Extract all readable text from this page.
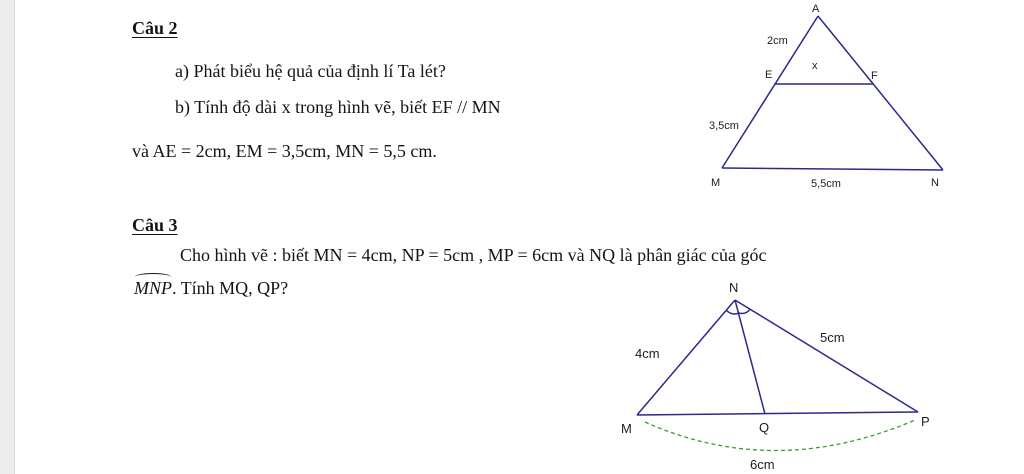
Câu 2
a) Phát biểu hệ quả của định lí Ta lét?
b) Tính độ dài x trong hình vẽ, biết EF // MN
và AE = 2cm, EM = 3,5cm, MN = 5,5 cm.
Câu 3
Cho hình vẽ : biết MN = 4cm, NP = 5cm , MP = 6cm và NQ là phân giác của góc
MNP. Tính MQ, QP?
A
2cm
E
x
F
3,5cm
M	5,5cm	N
N
4cm
5cm
M	Q	P
6cm
